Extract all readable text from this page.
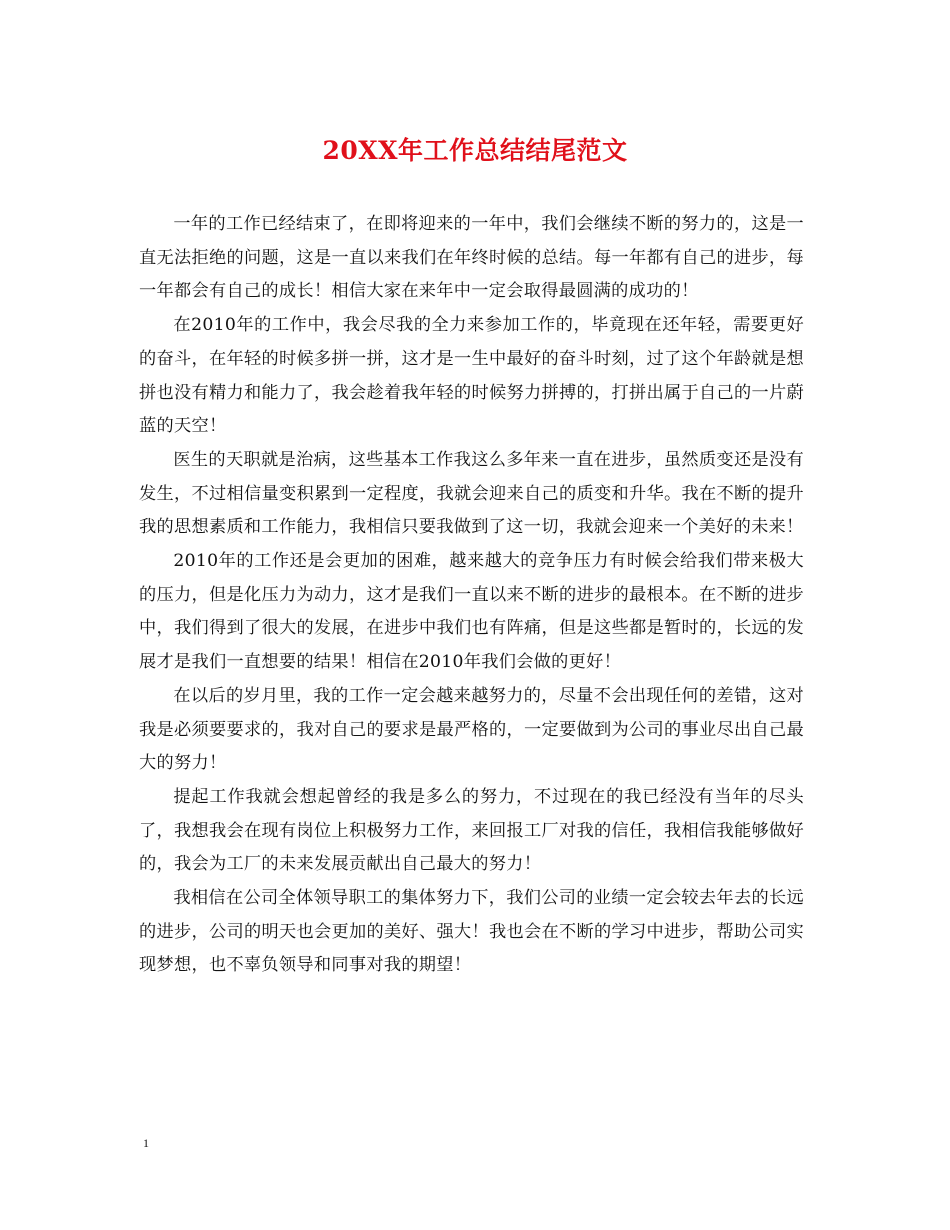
20XX年工作总结结尾范文

一年的工作已经结束了，在即将迎来的一年中，我们会继续不断的努力的，这是一直无法拒绝的问题，这是一直以来我们在年终时候的总结。每一年都有自己的进步，每一年都会有自己的成长！相信大家在来年中一定会取得最圆满的成功的！

在2010年的工作中，我会尽我的全力来参加工作的，毕竟现在还年轻，需要更好的奋斗，在年轻的时候多拼一拼，这才是一生中最好的奋斗时刻，过了这个年龄就是想拼也没有精力和能力了，我会趁着我年轻的时候努力拼搏的，打拼出属于自己的一片蔚蓝的天空！

医生的天职就是治病，这些基本工作我这么多年来一直在进步，虽然质变还是没有发生，不过相信量变积累到一定程度，我就会迎来自己的质变和升华。我在不断的提升我的思想素质和工作能力，我相信只要我做到了这一切，我就会迎来一个美好的未来！

2010年的工作还是会更加的困难，越来越大的竞争压力有时候会给我们带来极大的压力，但是化压力为动力，这才是我们一直以来不断的进步的最根本。在不断的进步中，我们得到了很大的发展，在进步中我们也有阵痛，但是这些都是暂时的，长远的发展才是我们一直想要的结果！相信在2010年我们会做的更好！

在以后的岁月里，我的工作一定会越来越努力的，尽量不会出现任何的差错，这对我是必须要要求的，我对自己的要求是最严格的，一定要做到为公司的事业尽出自己最大的努力！

提起工作我就会想起曾经的我是多么的努力，不过现在的我已经没有当年的尽头了，我想我会在现有岗位上积极努力工作，来回报工厂对我的信任，我相信我能够做好的，我会为工厂的未来发展贡献出自己最大的努力！

我相信在公司全体领导职工的集体努力下，我们公司的业绩一定会较去年去的长远的进步，公司的明天也会更加的美好、强大！我也会在不断的学习中进步，帮助公司实现梦想，也不辜负领导和同事对我的期望！

1
